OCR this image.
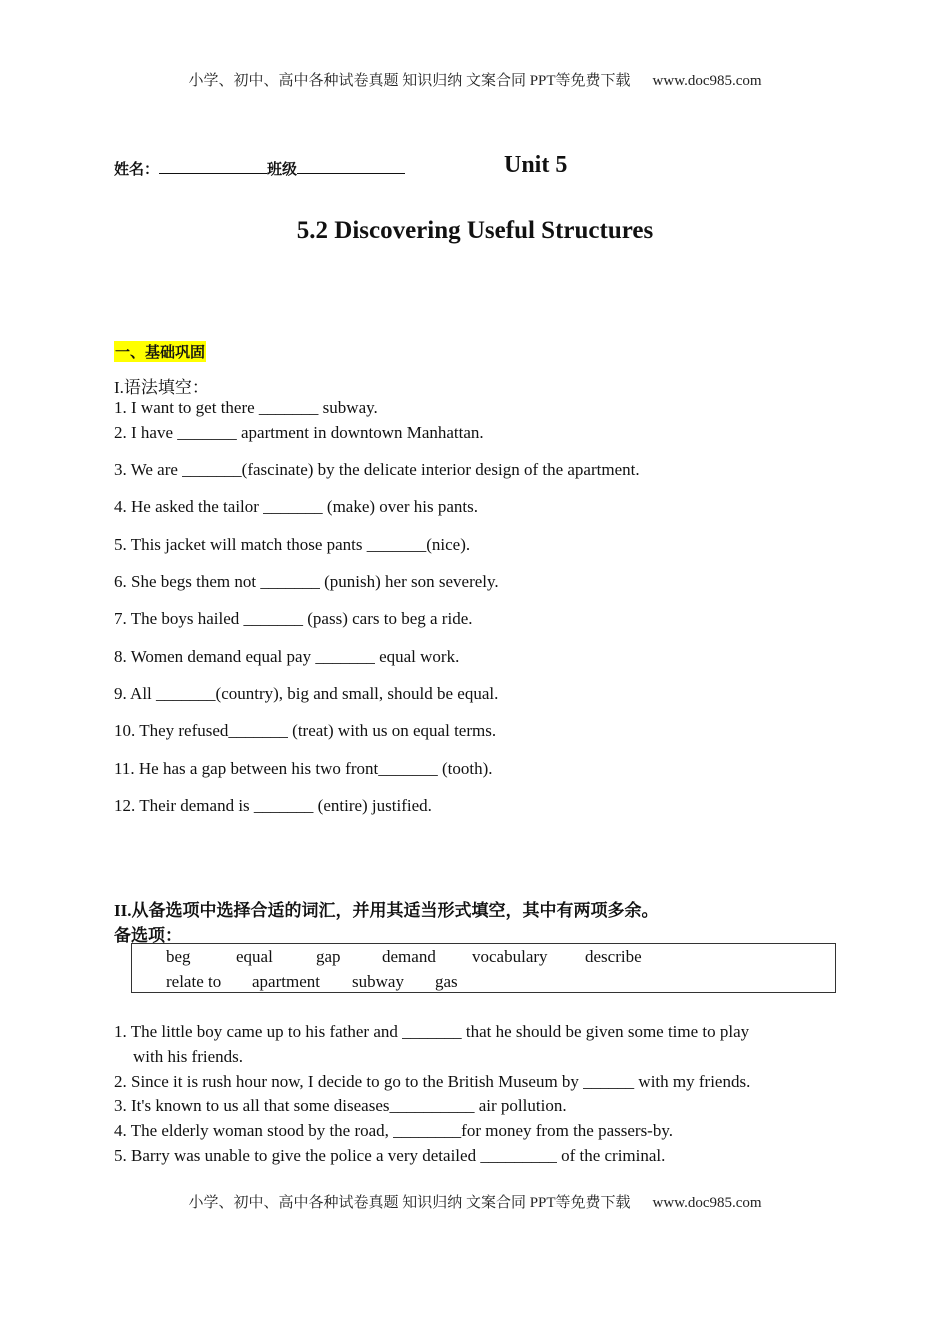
小学、初中、高中各种试卷真题 知识归纳 文案合同 PPT等免费下载 www.doc985.com
姓名：	班级	Unit 5
5.2 Discovering Useful Structures
一、基础巩固
I.语法填空：
1. I want to get there _______ subway.
2. I have _______ apartment in downtown Manhattan.
3. We are _______(fascinate) by the delicate interior design of the apartment.
4. He asked the tailor _______ (make) over his pants.
5. This jacket will match those pants _______(nice).
6. She begs them not _______ (punish) her son severely.
7. The boys hailed _______ (pass) cars to beg a ride.
8. Women demand equal pay _______ equal work.
9. All _______(country), big and small, should be equal.
10. They refused_______ (treat) with us on equal terms.
11. He has a gap between his two front_______ (tooth).
12. Their demand is _______ (entire) justified.
II.从备选项中选择合适的词汇，并用其适当形式填空，其中有两项多余。
备选项：
beg	equal	gap demand vocabulary describe
relate to apartment subway gas
1. The little boy came up to his father and _______ that he should be given some time to play
with his friends.
2. Since it is rush hour now, I decide to go to the British Museum by ______ with my friends.
3. It's known to us all that some diseases__________ air pollution.
4. The elderly woman stood by the road, ________for money from the passers-by.
5. Barry was unable to give the police a very detailed _________ of the criminal.
小学、初中、高中各种试卷真题 知识归纳 文案合同 PPT等免费下载 www.doc985.com
